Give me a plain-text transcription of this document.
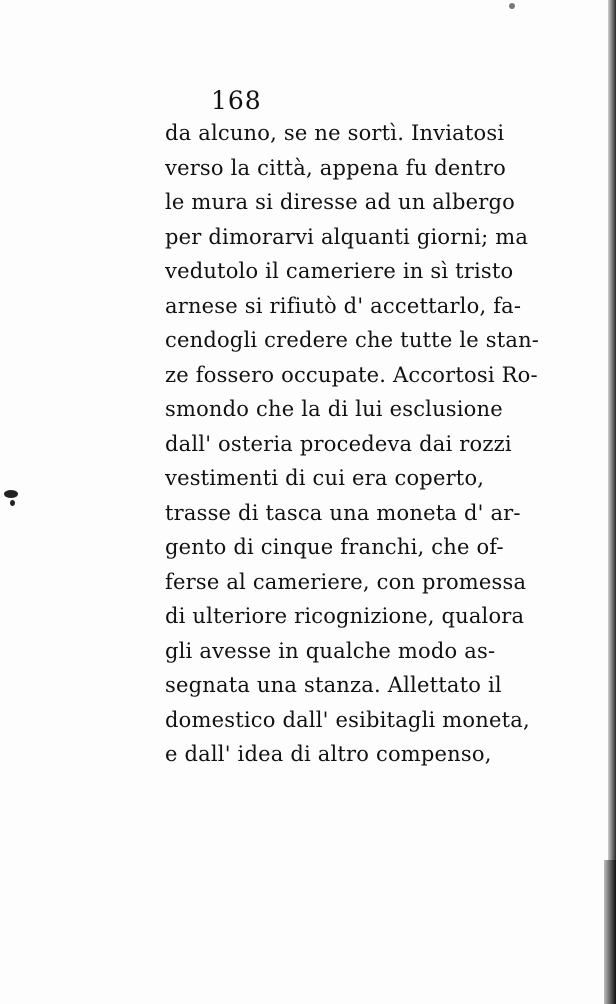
168
da alcuno, se ne sortì. Inviatosi
verso la città, appena fu dentro
le mura si diresse ad un albergo
per dimorarvi alquanti giorni; ma
vedutolo il cameriere in sì tristo
arnese si rifiutò d' accettarlo, fa-
cendogli credere che tutte le stan-
ze fossero occupate. Accortosi Ro-
smondo che la di lui esclusione
dall' osteria procedeva dai rozzi
vestimenti di cui era coperto,
trasse di tasca una moneta d' ar-
gento di cinque franchi, che of-
ferse al cameriere, con promessa
di ulteriore ricognizione, qualora
gli avesse in qualche modo as-
segnata una stanza. Allettato il
domestico dall' esibitagli moneta,
e dall' idea di altro compenso,
